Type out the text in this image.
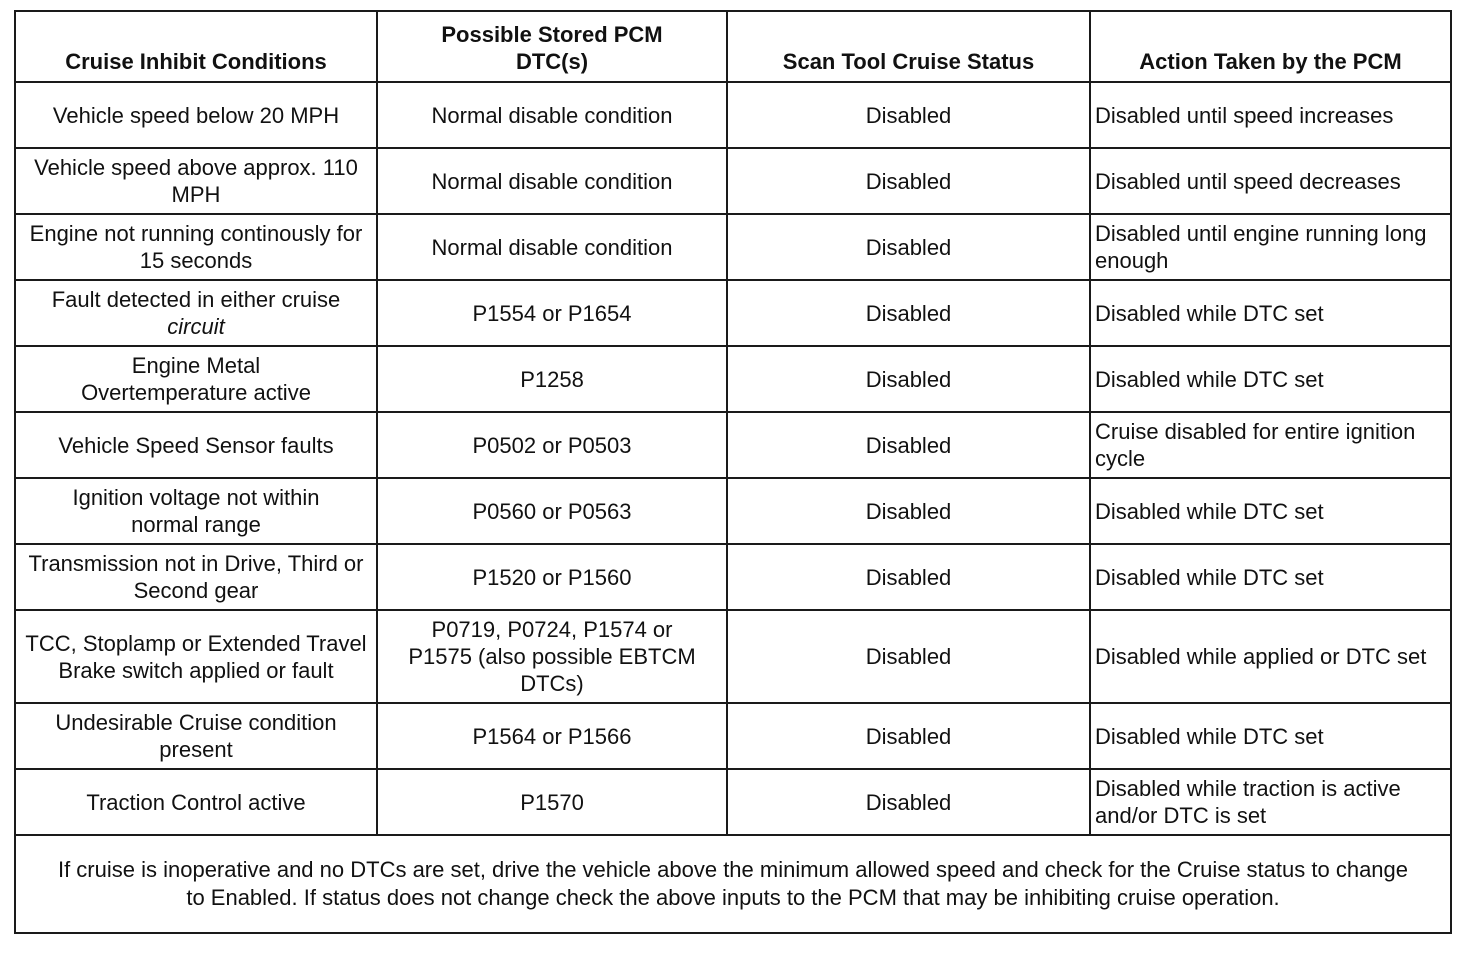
Cruise Inhibit Conditions	Possible Stored PCM DTC(s)	Scan Tool Cruise Status	Action Taken by the PCM
Vehicle speed below 20 MPH	Normal disable condition	Disabled	Disabled until speed increases
Vehicle speed above approx. 110 MPH	Normal disable condition	Disabled	Disabled until speed decreases
Engine not running continously for 15 seconds	Normal disable condition	Disabled	Disabled until engine running long enough
Fault detected in either cruise circuit	P1554 or P1654	Disabled	Disabled while DTC set
Engine Metal Overtemperature active	P1258	Disabled	Disabled while DTC set
Vehicle Speed Sensor faults	P0502 or P0503	Disabled	Cruise disabled for entire ignition cycle
Ignition voltage not within normal range	P0560 or P0563	Disabled	Disabled while DTC set
Transmission not in Drive, Third or Second gear	P1520 or P1560	Disabled	Disabled while DTC set
TCC, Stoplamp or Extended Travel Brake switch applied or fault	P0719, P0724, P1574 or P1575 (also possible EBTCM DTCs)	Disabled	Disabled while applied or DTC set
Undesirable Cruise condition present	P1564 or P1566	Disabled	Disabled while DTC set
Traction Control active	P1570	Disabled	Disabled while traction is active and/or DTC is set
If cruise is inoperative and no DTCs are set, drive the vehicle above the minimum allowed speed and check for the Cruise status to change to Enabled. If status does not change check the above inputs to the PCM that may be inhibiting cruise operation.			
